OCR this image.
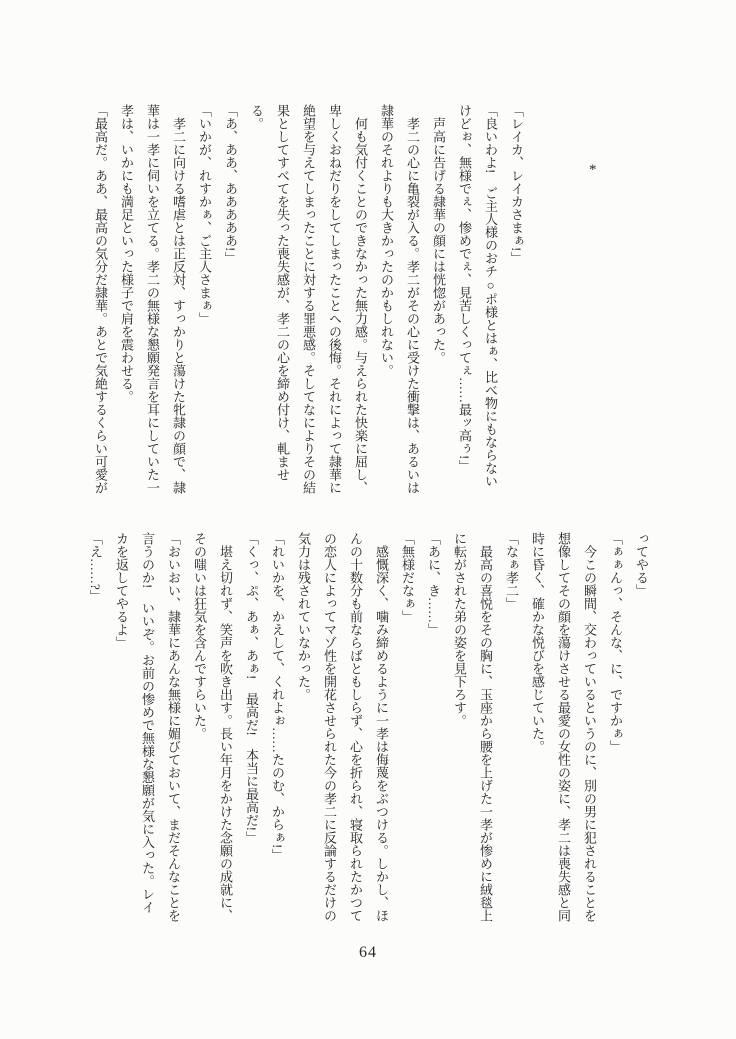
*

「レイカ、レイカさまぁ!」

「良いわよ!　ご主人様のおチ○ポ様とはぁ、比べ物にもならない

けどぉ、無様でぇ、惨めでぇ、見苦しくってぇ……最ッ高ぅ!」

　声高に告げる隷華の顔には恍惚があった。

　孝二の心に亀裂が入る。孝二がその心に受けた衝撃は、あるいは

隷華のそれよりも大きかったのかもしれない。

　何も気付くことのできなかった無力感。与えられた快楽に屈し、

卑しくおねだりをしてしまったことへの後悔。それによって隷華に

絶望を与えてしまったことに対する罪悪感。そしてなによりその結

果としてすべてを失った喪失感が、孝二の心を締め付け、軋ませ

る。

「あ、ああ、あああああ!」

「いかが、れすかぁ、ご主人さまぁ」

　孝二に向ける嗜虐とは正反対、すっかりと蕩けた牝隷の顔で、隷

華は一孝に伺いを立てる。孝二の無様な懇願発言を耳にしていた一

孝は、いかにも満足といった様子で肩を震わせる。

「最高だ。ああ、最高の気分だ隷華。あとで気絶するくらい可愛が

ってやる」

「ぁぁんっ、そんな、に、ですかぁ」

　今この瞬間、交わっているというのに、別の男に犯されることを

想像してその顔を蕩けさせる最愛の女性の姿に、孝二は喪失感と同

時に昏く、確かな悦びを感じていた。

「なぁ孝二」

　最高の喜悦をその胸に、玉座から腰を上げた一孝が惨めに絨毯上

に転がされた弟の姿を見下ろす。

「あに、き……」

「無様だなぁ」

　感慨深く、噛み締めるように一孝は侮蔑をぶつける。しかし、ほ

んの十数分も前ならばともしらず、心を折られ、寝取られたかつて

の恋人によってマゾ性を開花させられた今の孝二に反論するだけの

気力は残されていなかった。

「れいかを、かえして、くれよぉ……たのむ、からぁ!」

「くっ、ぷ、あぁ、あぁ!　最高だ!　本当に最高だ!」

　堪え切れず、笑声を吹き出す。長い年月をかけた念願の成就に、

その嗤いは狂気を含んですらいた。

「おいおい、隷華にあんな無様に媚びておいて、まだそんなことを

言うのか!　いいぞ。お前の惨めで無様な懇願が気に入った。レイ

カを返してやるよ」

「え……?」

64
